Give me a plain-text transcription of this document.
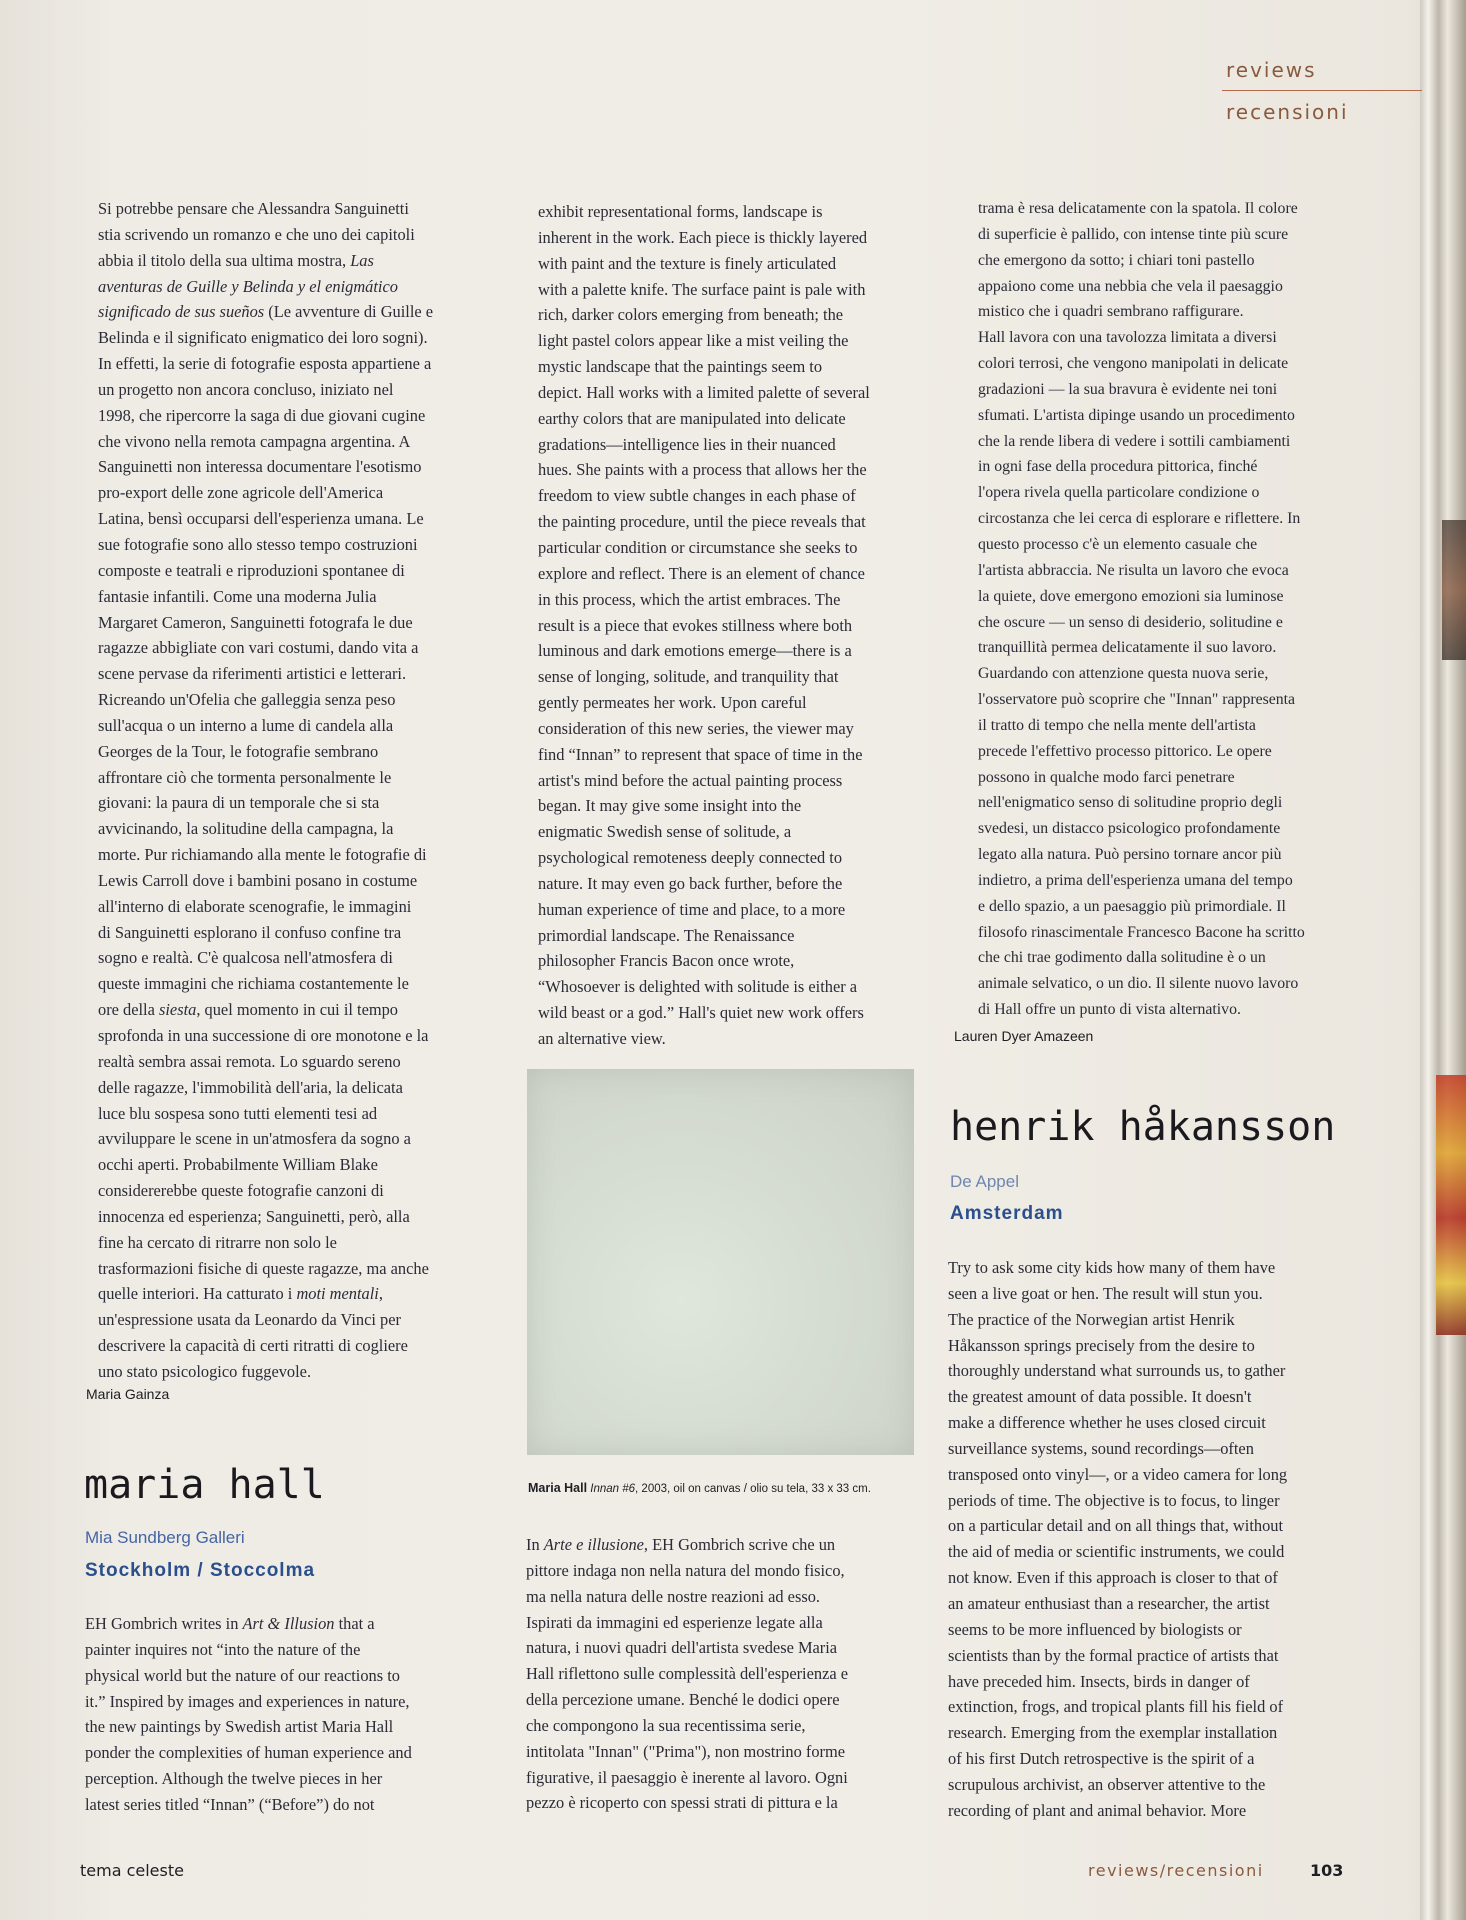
reviews
recensioni
Si potrebbe pensare che Alessandra Sanguinetti
stia scrivendo un romanzo e che uno dei capitoli
abbia il titolo della sua ultima mostra, Las
aventuras de Guille y Belinda y el enigmático
significado de sus sueños (Le avventure di Guille e
Belinda e il significato enigmatico dei loro sogni).
In effetti, la serie di fotografie esposta appartiene a
un progetto non ancora concluso, iniziato nel
1998, che ripercorre la saga di due giovani cugine
che vivono nella remota campagna argentina. A
Sanguinetti non interessa documentare l'esotismo
pro-export delle zone agricole dell'America
Latina, bensì occuparsi dell'esperienza umana. Le
sue fotografie sono allo stesso tempo costruzioni
composte e teatrali e riproduzioni spontanee di
fantasie infantili. Come una moderna Julia
Margaret Cameron, Sanguinetti fotografa le due
ragazze abbigliate con vari costumi, dando vita a
scene pervase da riferimenti artistici e letterari.
Ricreando un'Ofelia che galleggia senza peso
sull'acqua o un interno a lume di candela alla
Georges de la Tour, le fotografie sembrano
affrontare ciò che tormenta personalmente le
giovani: la paura di un temporale che si sta
avvicinando, la solitudine della campagna, la
morte. Pur richiamando alla mente le fotografie di
Lewis Carroll dove i bambini posano in costume
all'interno di elaborate scenografie, le immagini
di Sanguinetti esplorano il confuso confine tra
sogno e realtà. C'è qualcosa nell'atmosfera di
queste immagini che richiama costantemente le
ore della siesta, quel momento in cui il tempo
sprofonda in una successione di ore monotone e la
realtà sembra assai remota. Lo sguardo sereno
delle ragazze, l'immobilità dell'aria, la delicata
luce blu sospesa sono tutti elementi tesi ad
avviluppare le scene in un'atmosfera da sogno a
occhi aperti. Probabilmente William Blake
considererebbe queste fotografie canzoni di
innocenza ed esperienza; Sanguinetti, però, alla
fine ha cercato di ritrarre non solo le
trasformazioni fisiche di queste ragazze, ma anche
quelle interiori. Ha catturato i moti mentali,
un'espressione usata da Leonardo da Vinci per
descrivere la capacità di certi ritratti di cogliere
uno stato psicologico fuggevole.
Maria Gainza
maria hall
Mia Sundberg Galleri
Stockholm / Stoccolma
EH Gombrich writes in Art & Illusion that a
painter inquires not “into the nature of the
physical world but the nature of our reactions to
it.” Inspired by images and experiences in nature,
the new paintings by Swedish artist Maria Hall
ponder the complexities of human experience and
perception. Although the twelve pieces in her
latest series titled “Innan” (“Before”) do not
exhibit representational forms, landscape is
inherent in the work. Each piece is thickly layered
with paint and the texture is finely articulated
with a palette knife. The surface paint is pale with
rich, darker colors emerging from beneath; the
light pastel colors appear like a mist veiling the
mystic landscape that the paintings seem to
depict. Hall works with a limited palette of several
earthy colors that are manipulated into delicate
gradations—intelligence lies in their nuanced
hues. She paints with a process that allows her the
freedom to view subtle changes in each phase of
the painting procedure, until the piece reveals that
particular condition or circumstance she seeks to
explore and reflect. There is an element of chance
in this process, which the artist embraces. The
result is a piece that evokes stillness where both
luminous and dark emotions emerge—there is a
sense of longing, solitude, and tranquility that
gently permeates her work. Upon careful
consideration of this new series, the viewer may
find “Innan” to represent that space of time in the
artist's mind before the actual painting process
began. It may give some insight into the
enigmatic Swedish sense of solitude, a
psychological remoteness deeply connected to
nature. It may even go back further, before the
human experience of time and place, to a more
primordial landscape. The Renaissance
philosopher Francis Bacon once wrote,
“Whosoever is delighted with solitude is either a
wild beast or a god.” Hall's quiet new work offers
an alternative view.
Maria Hall Innan #6, 2003, oil on canvas / olio su tela, 33 x 33 cm.
In Arte e illusione, EH Gombrich scrive che un
pittore indaga non nella natura del mondo fisico,
ma nella natura delle nostre reazioni ad esso.
Ispirati da immagini ed esperienze legate alla
natura, i nuovi quadri dell'artista svedese Maria
Hall riflettono sulle complessità dell'esperienza e
della percezione umane. Benché le dodici opere
che compongono la sua recentissima serie,
intitolata "Innan" ("Prima"), non mostrino forme
figurative, il paesaggio è inerente al lavoro. Ogni
pezzo è ricoperto con spessi strati di pittura e la
trama è resa delicatamente con la spatola. Il colore
di superficie è pallido, con intense tinte più scure
che emergono da sotto; i chiari toni pastello
appaiono come una nebbia che vela il paesaggio
mistico che i quadri sembrano raffigurare.
Hall lavora con una tavolozza limitata a diversi
colori terrosi, che vengono manipolati in delicate
gradazioni — la sua bravura è evidente nei toni
sfumati. L'artista dipinge usando un procedimento
che la rende libera di vedere i sottili cambiamenti
in ogni fase della procedura pittorica, finché
l'opera rivela quella particolare condizione o
circostanza che lei cerca di esplorare e riflettere. In
questo processo c'è un elemento casuale che
l'artista abbraccia. Ne risulta un lavoro che evoca
la quiete, dove emergono emozioni sia luminose
che oscure — un senso di desiderio, solitudine e
tranquillità permea delicatamente il suo lavoro.
Guardando con attenzione questa nuova serie,
l'osservatore può scoprire che "Innan" rappresenta
il tratto di tempo che nella mente dell'artista
precede l'effettivo processo pittorico. Le opere
possono in qualche modo farci penetrare
nell'enigmatico senso di solitudine proprio degli
svedesi, un distacco psicologico profondamente
legato alla natura. Può persino tornare ancor più
indietro, a prima dell'esperienza umana del tempo
e dello spazio, a un paesaggio più primordiale. Il
filosofo rinascimentale Francesco Bacone ha scritto
che chi trae godimento dalla solitudine è o un
animale selvatico, o un dio. Il silente nuovo lavoro
di Hall offre un punto di vista alternativo.
Lauren Dyer Amazeen
henrik håkansson
De Appel
Amsterdam
Try to ask some city kids how many of them have
seen a live goat or hen. The result will stun you.
The practice of the Norwegian artist Henrik
Håkansson springs precisely from the desire to
thoroughly understand what surrounds us, to gather
the greatest amount of data possible. It doesn't
make a difference whether he uses closed circuit
surveillance systems, sound recordings—often
transposed onto vinyl—, or a video camera for long
periods of time. The objective is to focus, to linger
on a particular detail and on all things that, without
the aid of media or scientific instruments, we could
not know. Even if this approach is closer to that of
an amateur enthusiast than a researcher, the artist
seems to be more influenced by biologists or
scientists than by the formal practice of artists that
have preceded him. Insects, birds in danger of
extinction, frogs, and tropical plants fill his field of
research. Emerging from the exemplar installation
of his first Dutch retrospective is the spirit of a
scrupulous archivist, an observer attentive to the
recording of plant and animal behavior. More
tema celeste	reviews/recensioni	103
